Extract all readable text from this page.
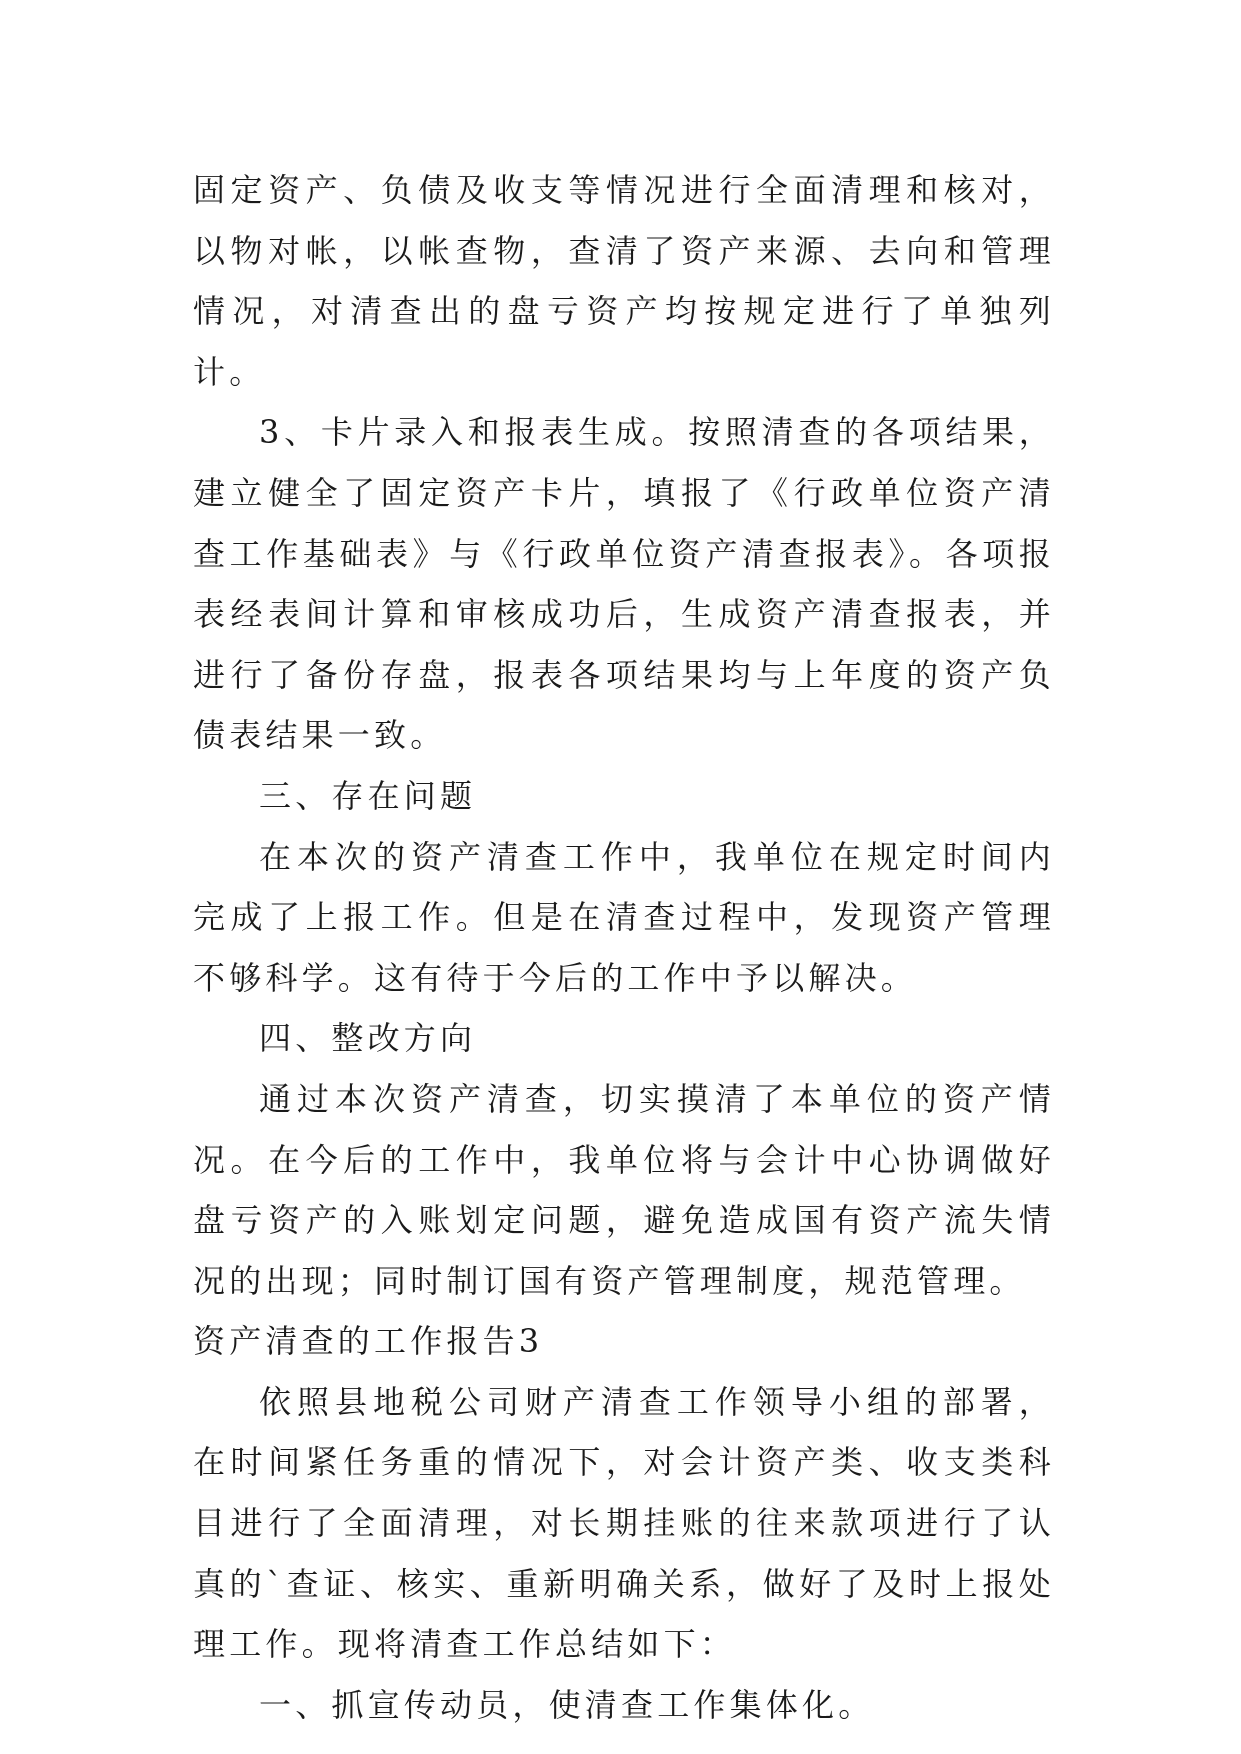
固定资产、负债及收支等情况进行全面清理和核对，以物对帐，以帐查物，查清了资产来源、去向和管理情况，对清查出的盘亏资产均按规定进行了单独列计。

3、卡片录入和报表生成。按照清查的各项结果，建立健全了固定资产卡片，填报了《行政单位资产清查工作基础表》与《行政单位资产清查报表》。各项报表经表间计算和审核成功后，生成资产清查报表，并进行了备份存盘，报表各项结果均与上年度的资产负债表结果一致。

三、存在问题

在本次的资产清查工作中，我单位在规定时间内完成了上报工作。但是在清查过程中，发现资产管理不够科学。这有待于今后的工作中予以解决。

四、整改方向

通过本次资产清查，切实摸清了本单位的资产情况。在今后的工作中，我单位将与会计中心协调做好盘亏资产的入账划定问题，避免造成国有资产流失情况的出现；同时制订国有资产管理制度，规范管理。

资产清查的工作报告3

依照县地税公司财产清查工作领导小组的部署，在时间紧任务重的情况下，对会计资产类、收支类科目进行了全面清理，对长期挂账的往来款项进行了认真的`查证、核实、重新明确关系，做好了及时上报处理工作。现将清查工作总结如下：

一、抓宣传动员，使清查工作集体化。
